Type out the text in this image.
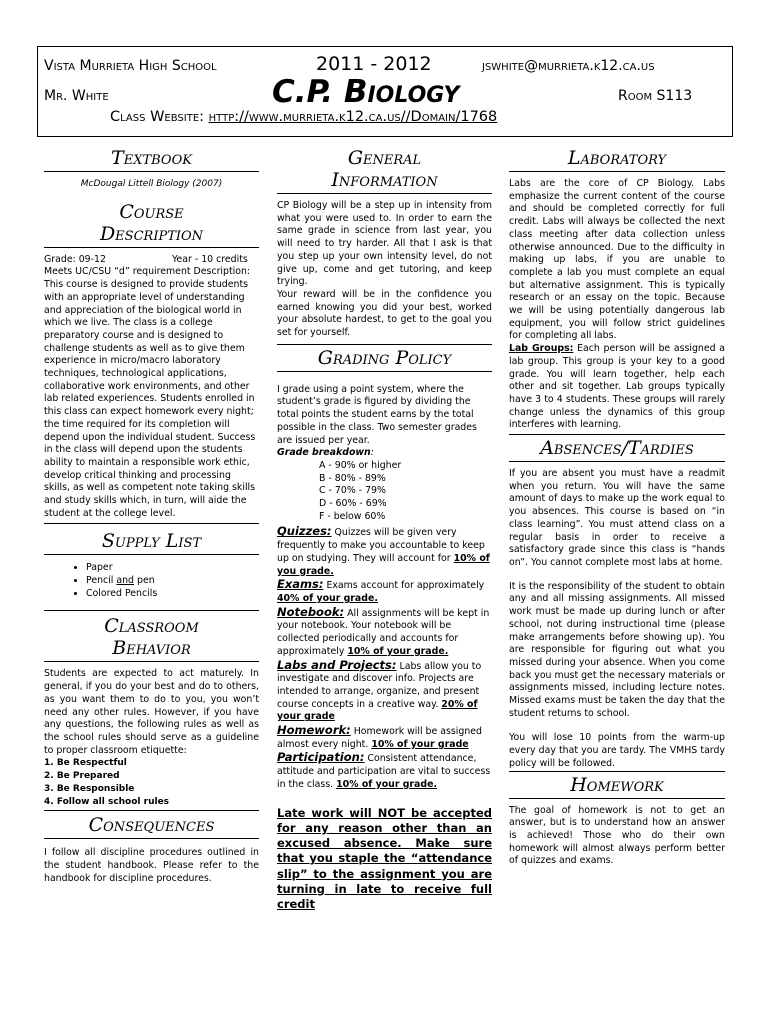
Vista Murrieta High School	2011 - 2012	jswhite@murrieta.k12.ca.us
Mr. White	C.P. Biology	Room S113
Class Website: http://www.murrieta.k12.ca.us//Domain/1768
Textbook
McDougal Littell Biology (2007)
Course
Description
Grade: 09-12	Year - 10 credits

Meets UC/CSU “d” requirement Description: This course is designed to provide students with an appropriate level of understanding and appreciation of the biological world in which we live. The class is a college preparatory course and is designed to challenge students as well as to give them experience in micro/macro laboratory techniques, technological applications, collaborative work environments, and other lab related experiences. Students enrolled in this class can expect homework every night; the time required for its completion will depend upon the individual student. Success in the class will depend upon the students ability to maintain a responsible work ethic, develop critical thinking and processing skills, as well as competent note taking skills and study skills which, in turn, will aide the student at the college level.

Supply List
• Paper
• Pencil and pen
• Colored Pencils
Classroom
Behavior

Students are expected to act maturely. In general, if you do your best and do to others, as you want them to do to you, you won’t need any other rules. However, if you have any questions, the following rules as well as the school rules should serve as a guideline to proper classroom etiquette:

1. Be Respectful
2. Be Prepared
3. Be Responsible
4. Follow all school rules
Consequences

I follow all discipline procedures outlined in the student handbook. Please refer to the handbook for discipline procedures.

General
Information

CP Biology will be a step up in intensity from what you were used to. In order to earn the same grade in science from last year, you will need to try harder. All that I ask is that you step up your own intensity level, do not give up, come and get tutoring, and keep trying.

Your reward will be in the confidence you earned knowing you did your best, worked your absolute hardest, to get to the goal you set for yourself.

Grading Policy

I grade using a point system, where the student’s grade is figured by dividing the total points the student earns by the total possible in the class. Two semester grades are issued per year.

Grade breakdown:
A - 90% or higher
B - 80% - 89%
C - 70% - 79%
D - 60% - 69%
F - below 60%

Quizzes: Quizzes will be given very frequently to make you accountable to keep up on studying. They will account for 10% of you grade.

Exams: Exams account for approximately 40% of your grade.

Notebook: All assignments will be kept in your notebook. Your notebook will be collected periodically and accounts for approximately 10% of your grade.

Labs and Projects: Labs allow you to investigate and discover info. Projects are intended to arrange, organize, and present course concepts in a creative way. 20% of your grade

Homework: Homework will be assigned almost every night. 10% of your grade

Participation: Consistent attendance, attitude and participation are vital to success in the class. 10% of your grade.

Late work will NOT be accepted for any reason other than an excused absence. Make sure that you staple the “attendance slip” to the assignment you are turning in late to receive full credit
Laboratory

Labs are the core of CP Biology. Labs emphasize the current content of the course and should be completed correctly for full credit. Labs will always be collected the next class meeting after data collection unless otherwise announced. Due to the difficulty in making up labs, if you are unable to complete a lab you must complete an equal but alternative assignment. This is typically research or an essay on the topic. Because we will be using potentially dangerous lab equipment, you will follow strict guidelines for completing all labs.

Lab Groups: Each person will be assigned a lab group. This group is your key to a good grade. You will learn together, help each other and sit together. Lab groups typically have 3 to 4 students. These groups will rarely change unless the dynamics of this group interferes with learning.

Absences/Tardies

If you are absent you must have a readmit when you return. You will have the same amount of days to make up the work equal to you absences. This course is based on “in class learning”. You must attend class on a regular basis in order to receive a satisfactory grade since this class is “hands on”. You cannot complete most labs at home.

It is the responsibility of the student to obtain any and all missing assignments. All missed work must be made up during lunch or after school, not during instructional time (please make arrangements before showing up). You are responsible for figuring out what you missed during your absence. When you come back you must get the necessary materials or assignments missed, including lecture notes. Missed exams must be taken the day that the student returns to school.

You will lose 10 points from the warm-up every day that you are tardy. The VMHS tardy policy will be followed.

Homework

The goal of homework is not to get an answer, but is to understand how an answer is achieved! Those who do their own homework will almost always perform better of quizzes and exams.
